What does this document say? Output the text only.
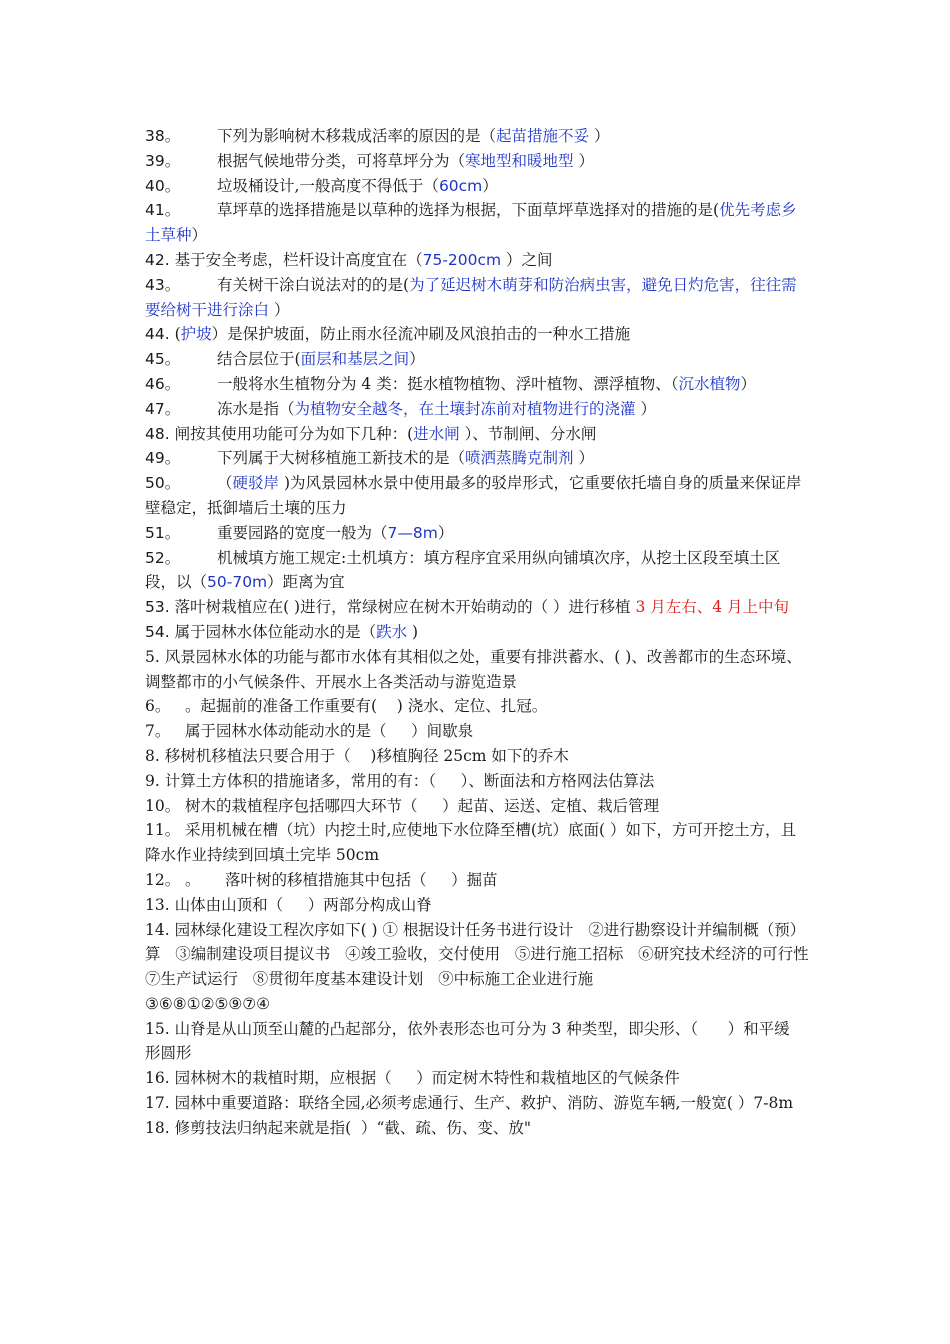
38。	下列为影响树木移栽成活率的原因的是（起苗措施不妥 ）

39。	根据气候地带分类，可将草坪分为（寒地型和暖地型 ）

40。	垃圾桶设计,一般高度不得低于（60cm）

41。	草坪草的选择措施是以草种的选择为根据，下面草坪草选择对的措施的是(优先考虑乡土草种）

42. 基于安全考虑，栏杆设计高度宜在（75-200cm ）之间

43。	有关树干涂白说法对的的是(为了延迟树木萌芽和防治病虫害，避免日灼危害，往往需要给树干进行涂白 ）

44. (护坡）是保护坡面，防止雨水径流冲刷及风浪拍击的一种水工措施

45。	结合层位于(面层和基层之间）

46。	一般将水生植物分为 4 类：挺水植物植物、浮叶植物、漂浮植物、（沉水植物）

47。	冻水是指（为植物安全越冬，在土壤封冻前对植物进行的浇灌 ）

48. 闸按其使用功能可分为如下几种：(进水闸 ）、节制闸、分水闸

49。	下列属于大树移植施工新技术的是（喷洒蒸腾克制剂 ）

50。	（硬驳岸 )为风景园林水景中使用最多的驳岸形式，它重要依托墙自身的质量来保证岸壁稳定，抵御墙后土壤的压力

51。	重要园路的宽度一般为（7—8m）

52。	机械填方施工规定:土机填方：填方程序宜采用纵向铺填次序，从挖土区段至填土区段，以（50-70m）距离为宜

53. 落叶树栽植应在( )进行，常绿树应在树木开始萌动的（ ）进行移植 3 月左右、4 月上中旬

54. 属于园林水体位能动水的是（跌水 )

5. 风景园林水体的功能与都市水体有其相似之处，重要有排洪蓄水、( )、改善都市的生态环境、调整都市的小气候条件、开展水上各类活动与游览造景

6。	。起掘前的准备工作重要有(    ) 浇水、定位、扎冠。

7。	属于园林水体动能动水的是（     ）间歇泉

8. 移树机移植法只要合用于（    )移植胸径 25cm 如下的乔木

9. 计算土方体积的措施诸多，常用的有：（     ）、断面法和方格网法估算法

10。	树木的栽植程序包括哪四大环节（     ）起苗、运送、定植、栽后管理

11。	采用机械在槽（坑）内挖土时,应使地下水位降至槽(坑）底面( ）如下，方可开挖土方，且降水作业持续到回填土完毕 50cm

12。	。	落叶树的移植措施其中包括（     ）掘苗

13. 山体由山顶和（     ）两部分构成山脊

14. 园林绿化建设工程次序如下( ) ① 根据设计任务书进行设计   ②进行勘察设计并编制概（预）算   ③编制建设项目提议书   ④竣工验收，交付使用   ⑤进行施工招标   ⑥研究技术经济的可行性   ⑦生产试运行   ⑧贯彻年度基本建设计划   ⑨中标施工企业进行施

③⑥⑧①②⑤⑨⑦④

15. 山脊是从山顶至山麓的凸起部分，依外表形态也可分为 3 种类型，即尖形、（      ）和平缓

形圆形

16. 园林树木的栽植时期，应根据（     ）而定树木特性和栽植地区的气候条件

17. 园林中重要道路：联络全园,必须考虑通行、生产、救护、消防、游览车辆,一般宽( ）7-8m

18. 修剪技法归纳起来就是指(  ）“截、疏、伤、变、放"
